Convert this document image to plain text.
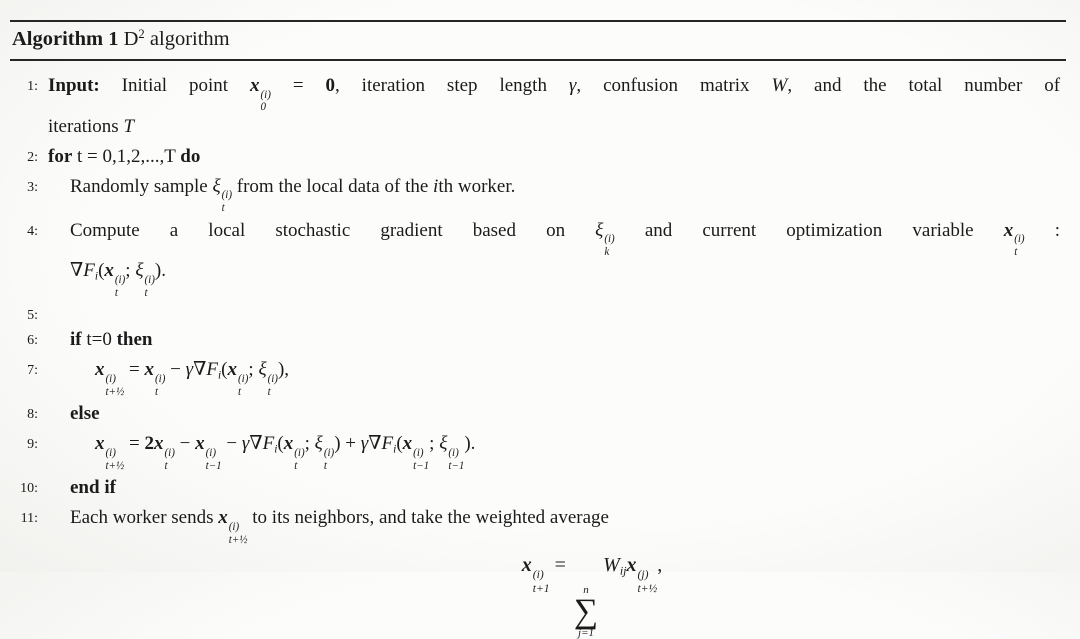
Algorithm 1 $D^2$ algorithm
1: Input: Initial point x (i)
0
= 0, iteration step length γ, confusion matrix W, and the total number of
iterations T
2: for t = 0,1,2,...,T do
3: Randomly sample ξ (i)
t
from the local data of the ith worker.
4: Compute a local stochastic gradient based on ξ (i)
k
and current optimization variable x (i)
t
:
∇Fi(x (i)
t
; ξ (i)
t
).
5:
6: if t=0 then
7:	x (i)
t+½
= x (i)
t
− γ∇Fi(x (i)
t
; ξ (i)
t
),
8: else
9:	x (i)
t+½
= 2x (i)
t
− x (i)
t−1
− γ∇Fi(x (i)
t
; ξ (i)
t
) + γ∇Fi(x (i)
t−1
; ξ (i)
t−1
).
10: end if
11: Each worker sends x (i)
t+½
to its neighbors, and take the weighted average
x (i)
t+1
=
n
∑
j=1
Wijx (j)
t+½
,
